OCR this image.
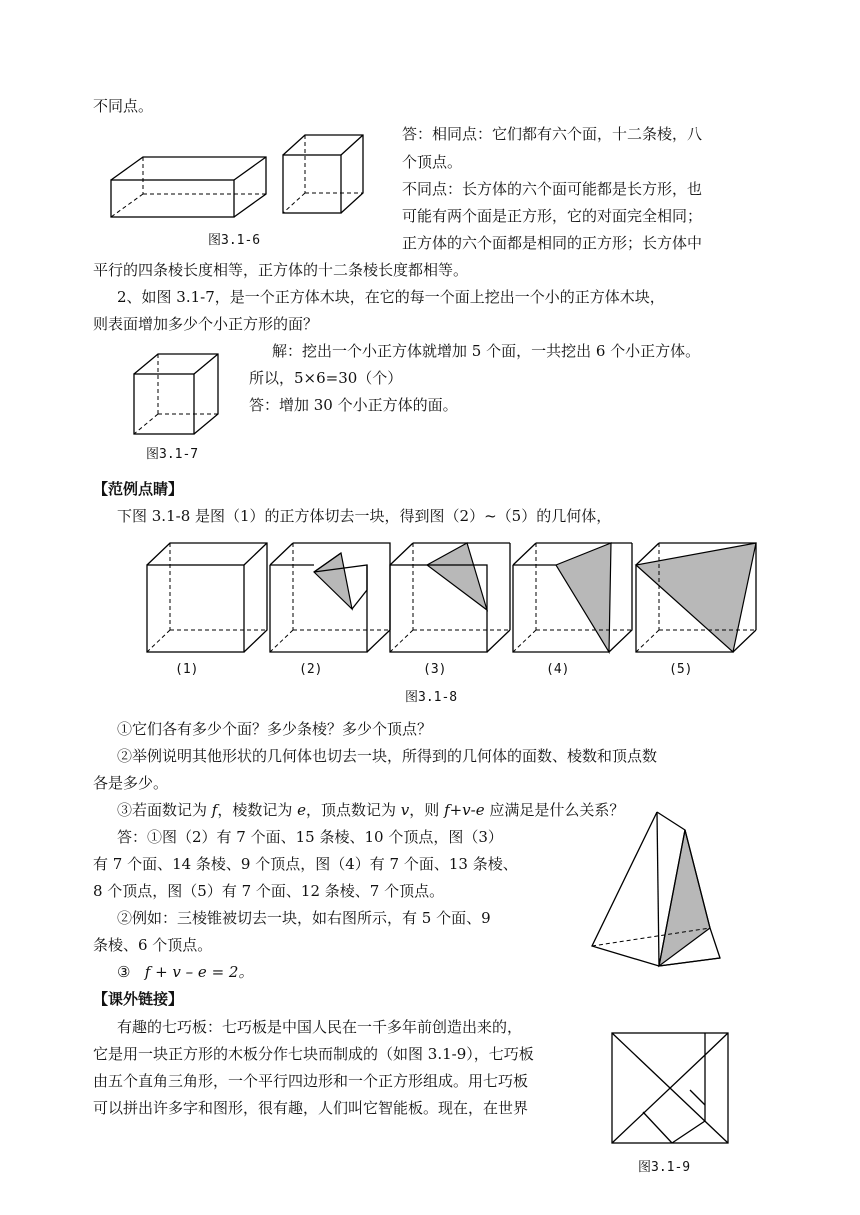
不同点。
答：相同点：它们都有六个面，十二条棱，八
个顶点。
不同点：长方体的六个面可能都是长方形，也
可能有两个面是正方形，它的对面完全相同；
正方体的六个面都是相同的正方形；长方体中
平行的四条棱长度相等，正方体的十二条棱长度都相等。
图3.1-6
2、如图 3.1-7，是一个正方体木块，在它的每一个面上挖出一个小的正方体木块，
则表面增加多少个小正方形的面？
解：挖出一个小正方体就增加 5 个面，一共挖出 6 个小正方体。
所以，5×6=30（个）
答：增加 30 个小正方体的面。
图3.1-7
【范例点睛】
下图 3.1-8 是图（1）的正方体切去一块，得到图（2）~（5）的几何体，
(1)	(2)	(3)	(4)	(5)
图3.1-8
①它们各有多少个面？多少条棱？多少个顶点？
②举例说明其他形状的几何体也切去一块，所得到的几何体的面数、棱数和顶点数
各是多少。
③若面数记为 f，棱数记为 e，顶点数记为 v，则 f+v-e 应满足是什么关系？
答：①图（2）有 7 个面、15 条棱、10 个顶点，图（3）
有 7 个面、14 条棱、9 个顶点，图（4）有 7 个面、13 条棱、
8 个顶点，图（5）有 7 个面、12 条棱、7 个顶点。
②例如：三棱锥被切去一块，如右图所示，有 5 个面、9
条棱、6 个顶点。
③ f + v – e = 2。
【课外链接】
有趣的七巧板：七巧板是中国人民在一千多年前创造出来的，
它是用一块正方形的木板分作七块而制成的（如图 3.1-9），七巧板
由五个直角三角形，一个平行四边形和一个正方形组成。用七巧板
可以拼出许多字和图形，很有趣，人们叫它智能板。现在，在世界
图3.1-9
